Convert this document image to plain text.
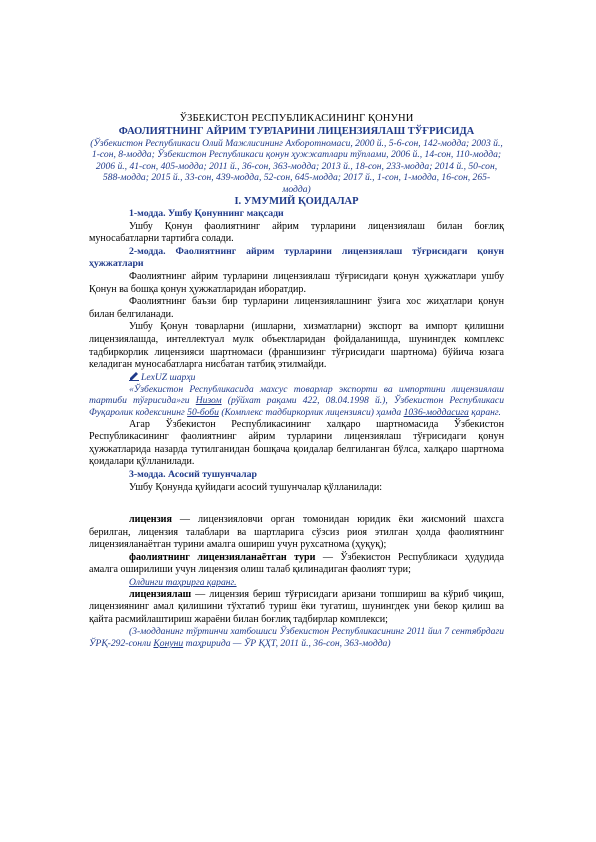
ЎЗБЕКИСТОН РЕСПУБЛИКАСИНИНГ ҚОНУНИ
ФАОЛИЯТНИНГ АЙРИМ ТУРЛАРИНИ ЛИЦЕНЗИЯЛАШ ТЎҒРИСИДА
(Ўзбекистон Республикаси Олий Мажлисининг Ахборотномаси, 2000 й., 5-6-сон, 142-модда; 2003 й., 1-сон, 8-модда; Ўзбекистон Республикаси қонун ҳужжатлари тўплами, 2006 й., 14-сон, 110-модда; 2006 й., 41-сон, 405-модда; 2011 й., 36-сон, 363-модда; 2013 й., 18-сон, 233-модда; 2014 й., 50-сон, 588-модда; 2015 й., 33-сон, 439-модда, 52-сон, 645-модда; 2017 й., 1-сон, 1-модда, 16-сон, 265-модда)
I. УМУМИЙ ҚОИДАЛАР
1-модда. Ушбу Қонуннинг мақсади

Ушбу Қонун фаолиятнинг айрим турларини лицензиялаш билан боғлиқ муносабатларни тартибга солади.

2-модда. Фаолиятнинг айрим турларини лицензиялаш тўғрисидаги қонун ҳужжатлари

Фаолиятнинг айрим турларини лицензиялаш тўғрисидаги қонун ҳужжатлари ушбу Қонун ва бошқа қонун ҳужжатларидан иборатдир.

Фаолиятнинг баъзи бир турларини лицензиялашнинг ўзига хос жиҳатлари қонун билан белгиланади.

Ушбу Қонун товарларни (ишларни, хизматларни) экспорт ва импорт қилишни лицензиялашда, интеллектуал мулк объектларидан фойдаланишда, шунингдек комплекс тадбиркорлик лицензияси шартномаси (франшизинг тўғрисидаги шартнома) бўйича юзага келадиган муносабатларга нисбатан татбиқ этилмайди.

LexUZ шарҳи

«Ўзбекистон Республикасида махсус товарлар экспорти ва импортини лицензиялаш тартиби тўғрисида»ги Низом (рўйхат рақами 422, 08.04.1998 й.), Ўзбекистон Республикаси Фуқаролик кодексининг 50-боби (Комплекс тадбиркорлик лицензияси) ҳамда 1036-моддасига қаранг.

Агар Ўзбекистон Республикасининг халқаро шартномасида Ўзбекистон Республикасининг фаолиятнинг айрим турларини лицензиялаш тўғрисидаги қонун ҳужжатларида назарда тутилганидан бошқача қоидалар белгиланган бўлса, халқаро шартнома қоидалари қўлланилади.

3-модда. Асосий тушунчалар

Ушбу Қонунда қуйидаги асосий тушунчалар қўлланилади:

лицензия — лицензияловчи орган томонидан юридик ёки жисмоний шахсга берилган, лицензия талаблари ва шартларига сўзсиз риоя этилган ҳолда фаолиятнинг лицензияланаётган турини амалга ошириш учун рухсатнома (ҳуқуқ);

фаолиятнинг лицензияланаётган тури — Ўзбекистон Республикаси ҳудудида амалга оширилиши учун лицензия олиш талаб қилинадиган фаолият тури;

Олдинги таҳрирга қаранг.

лицензиялаш — лицензия бериш тўғрисидаги аризани топшириш ва кўриб чиқиш, лицензиянинг амал қилишини тўхтатиб туриш ёки тугатиш, шунингдек уни бекор қилиш ва қайта расмийлаштириш жараёни билан боғлиқ тадбирлар комплекси;

(3-модданинг тўртинчи хатбошиси Ўзбекистон Республикасининг 2011 йил 7 сентябрдаги ЎРҚ-292-сонли Қонуни таҳририда — ЎР ҚҲТ, 2011 й., 36-сон, 363-модда)
